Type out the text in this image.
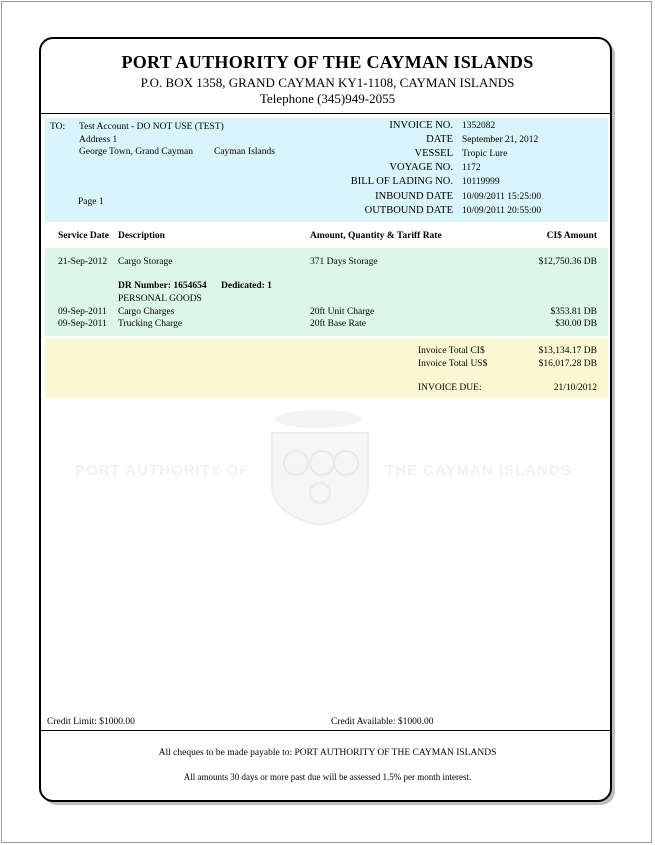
PORT AUTHORITY OF THE CAYMAN ISLANDS
P.O. BOX 1358, GRAND CAYMAN KY1-1108, CAYMAN ISLANDS
Telephone (345)949-2055
TO: Test Account - DO NOT USE (TEST)
Address 1
George Town, Grand Cayman Cayman Islands
Page 1
INVOICE NO. 1352082
DATE September 21, 2012
VESSEL Tropic Lure
VOYAGE NO. 1172
BILL OF LADING NO. 10119999
INBOUND DATE 10/09/2011 15:25:00
OUTBOUND DATE 10/09/2011 20:55:00
Service Date Description	Amount, Quantity & Tariff Rate	CI$ Amount
21-Sep-2012 Cargo Storage	371 Days Storage	$12,750.36 DB
DR Number: 1654654 Dedicated: 1
PERSONAL GOODS
09-Sep-2011 Cargo Charges	20ft Unit Charge	$353.81 DB
09-Sep-2011 Trucking Charge	20ft Base Rate	$30.00 DB
Invoice Total CI$	$13,134.17 DB
Invoice Total US$	$16,017.28 DB
INVOICE DUE:	21/10/2012
PORT AUTHORITY OF	THE CAYMAN ISLANDS
Credit Limit: $1000.00	Credit Available: $1000.00
All cheques to be made payable to: PORT AUTHORITY OF THE CAYMAN ISLANDS
All amounts 30 days or more past due will be assessed 1.5% per month interest.
